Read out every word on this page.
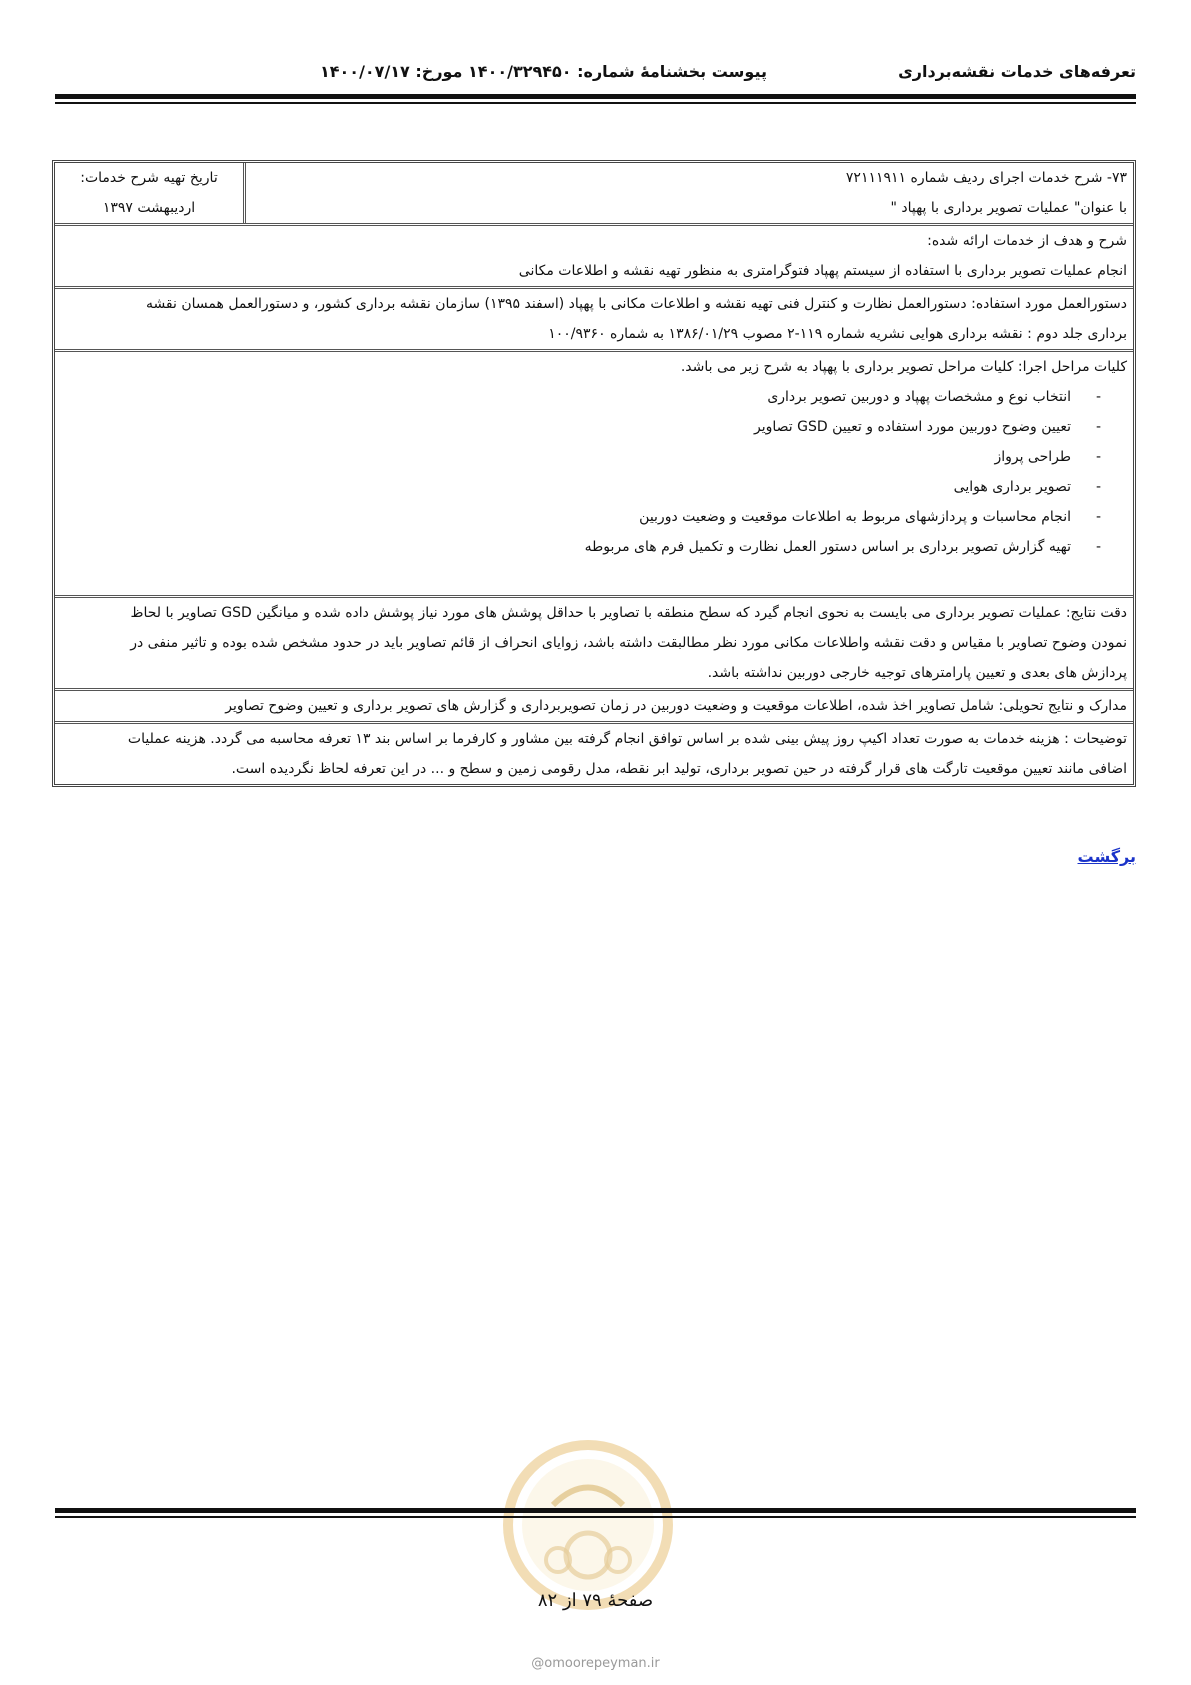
تعرفه‌های خدمات نقشه‌برداری
پیوست بخشنامهٔ شماره: ۱۴۰۰/۳۲۹۴۵۰ مورخ: ۱۴۰۰/۰۷/۱۷
۷۳- شرح خدمات اجرای ردیف شماره ۷۲۱۱۱۹۱۱
با عنوان" عملیات تصویر برداری با پهپاد "
تاریخ تهیه شرح خدمات:
اردیبهشت ۱۳۹۷
شرح و هدف از خدمات ارائه شده:
انجام عملیات تصویر برداری با استفاده از سیستم پهپاد فتوگرامتری به منظور تهیه نقشه و اطلاعات مکانی
دستورالعمل مورد استفاده: دستورالعمل نظارت و کنترل فنی تهیه نقشه و اطلاعات مکانی با پهپاد (اسفند ۱۳۹۵) سازمان نقشه برداری کشور، و دستورالعمل همسان نقشه
برداری جلد دوم : نقشه برداری هوایی نشریه شماره ۱۱۹-۲ مصوب ۱۳۸۶/۰۱/۲۹ به شماره ۱۰۰/۹۳۶۰
کلیات مراحل اجرا: کلیات مراحل تصویر برداری با پهپاد به شرح زیر می باشد.
- انتخاب نوع و مشخصات پهپاد و دوربین تصویر برداری
- تعیین وضوح دوربین مورد استفاده و تعیین GSD تصاویر
- طراحی پرواز
- تصویر برداری هوایی
- انجام محاسبات و پردازشهای مربوط به اطلاعات موقعیت و وضعیت دوربین
- تهیه گزارش تصویر برداری بر اساس دستور العمل نظارت و تکمیل فرم های مربوطه
دقت نتایج: عملیات تصویر برداری می بایست به نحوی انجام گیرد که سطح منطقه با تصاویر با حداقل پوشش های مورد نیاز پوشش داده شده و میانگین GSD تصاویر با لحاظ
نمودن وضوح تصاویر با مقیاس و دقت نقشه واطلاعات مکانی مورد نظر مطالبقت داشته باشد، زوایای انحراف از قائم تصاویر باید در حدود مشخص شده بوده و تاثیر منفی در
پردازش های بعدی و تعیین پارامترهای توجیه خارجی دوربین نداشته باشد.
مدارک و نتایج تحویلی: شامل تصاویر اخذ شده، اطلاعات موقعیت و وضعیت دوربین در زمان تصویربرداری و گزارش های تصویر برداری و تعیین وضوح تصاویر
توضیحات : هزینه خدمات به صورت تعداد اکیپ روز پیش بینی شده بر اساس توافق انجام گرفته بین مشاور و کارفرما بر اساس بند ۱۳ تعرفه محاسبه می گردد. هزینه عملیات
اضافی مانند تعیین موقعیت تارگت های قرار گرفته در حین تصویر برداری، تولید ابر نقطه، مدل رقومی زمین و سطح و ... در این تعرفه لحاظ نگردیده است.
برگشت
صفحهٔ ۷۹ از ۸۲
@omoorepeyman.ir
